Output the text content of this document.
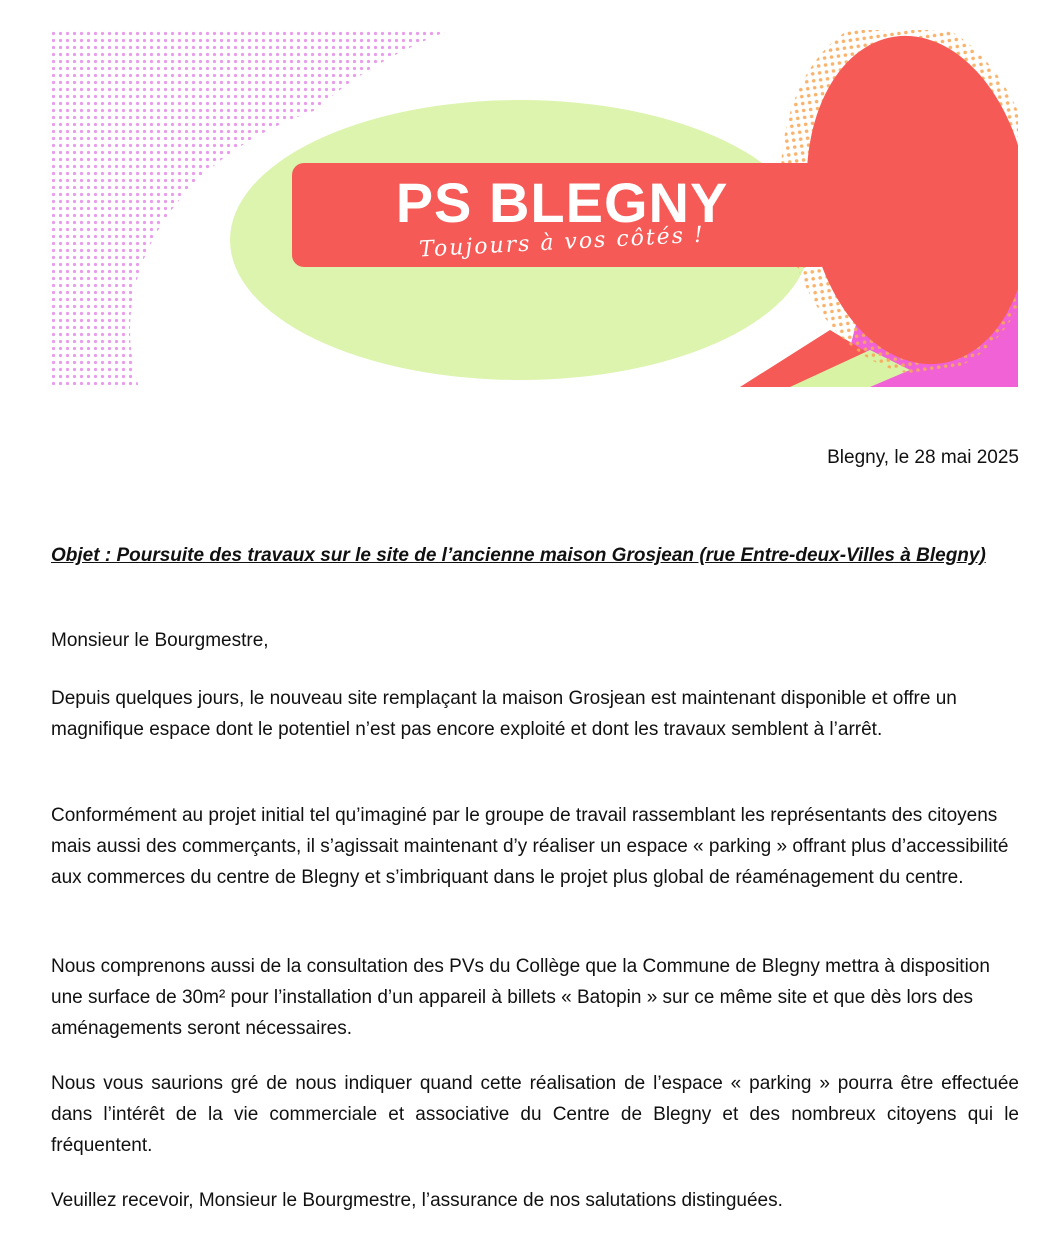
PS BLEGNY
Toujours à vos côtés !
Blegny, le 28 mai 2025
Objet : Poursuite des travaux sur le site de l’ancienne maison Grosjean (rue Entre-deux-Villes à Blegny)
Monsieur le Bourgmestre,

Depuis quelques jours, le nouveau site remplaçant la maison Grosjean est maintenant disponible et offre un magnifique espace dont le potentiel n’est pas encore exploité et dont les travaux semblent à l’arrêt.

Conformément au projet initial tel qu’imaginé par le groupe de travail rassemblant les représentants des citoyens mais aussi des commerçants, il s’agissait maintenant d’y réaliser un espace « parking » offrant plus d’accessibilité aux commerces du centre de Blegny et s’imbriquant dans le projet plus global de réaménagement du centre.

Nous comprenons aussi de la consultation des PVs du Collège que la Commune de Blegny mettra à disposition une surface de 30m² pour l’installation d’un appareil à billets « Batopin » sur ce même site et que dès lors des aménagements seront nécessaires.

Nous vous saurions gré de nous indiquer quand cette réalisation de l’espace « parking » pourra être effectuée dans l’intérêt de la vie commerciale et associative du Centre de Blegny et des nombreux citoyens qui le fréquentent.

Veuillez recevoir, Monsieur le Bourgmestre, l’assurance de nos salutations distinguées.
